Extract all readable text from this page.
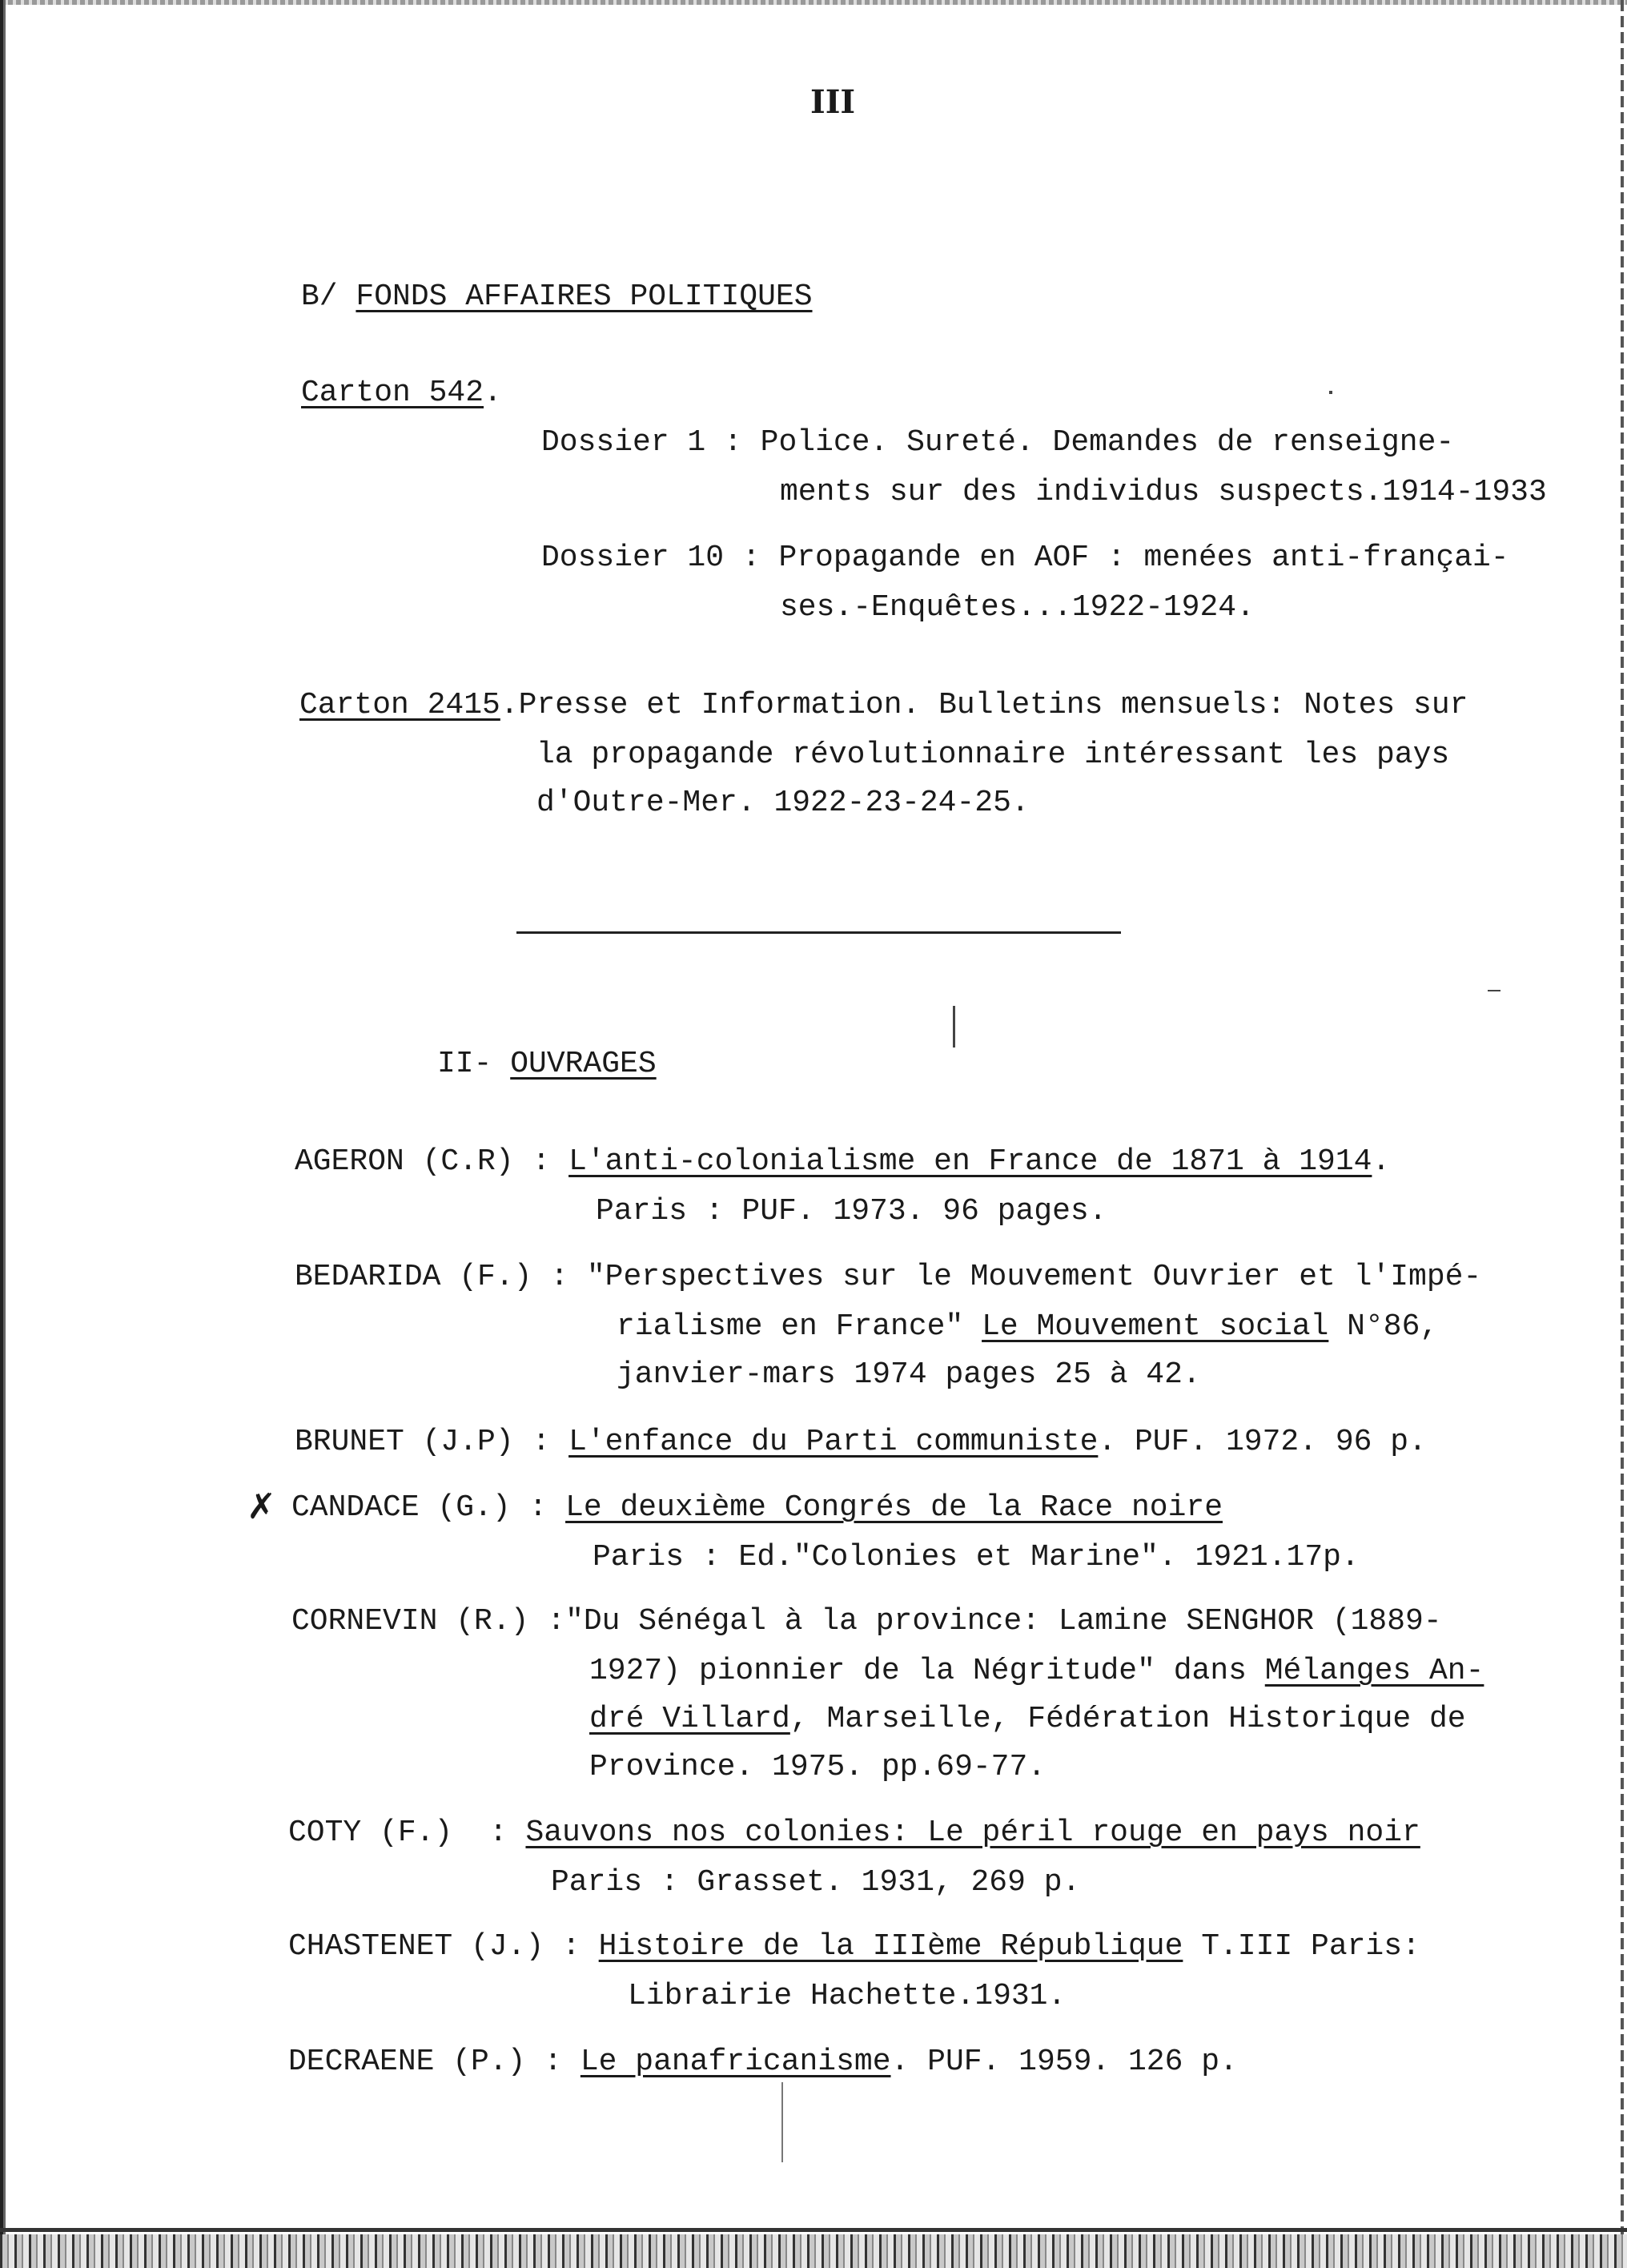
III
B/ FONDS AFFAIRES POLITIQUES
Carton 542.
Dossier 1 : Police. Sureté. Demandes de renseigne-
ments sur des individus suspects.1914-1933
Dossier 10 : Propagande en AOF : menées anti-françai-
ses.-Enquêtes...1922-1924.
Carton 2415.Presse et Information. Bulletins mensuels: Notes sur
la propagande révolutionnaire intéressant les pays
d'Outre-Mer. 1922-23-24-25.
II- OUVRAGES
AGERON (C.R) : L'anti-colonialisme en France de 1871 à 1914.
Paris : PUF. 1973. 96 pages.
BEDARIDA (F.) : "Perspectives sur le Mouvement Ouvrier et l'Impé-
rialisme en France" Le Mouvement social N°86,
janvier-mars 1974 pages 25 à 42.
BRUNET (J.P) : L'enfance du Parti communiste. PUF. 1972. 96 p.
✗ CANDACE (G.) : Le deuxième Congrés de la Race noire
Paris : Ed."Colonies et Marine". 1921.17p.
CORNEVIN (R.) :"Du Sénégal à la province: Lamine SENGHOR (1889-
1927) pionnier de la Négritude" dans Mélanges An-
dré Villard, Marseille, Fédération Historique de
Province. 1975. pp.69-77.
COTY (F.)  : Sauvons nos colonies: Le péril rouge en pays noir
Paris : Grasset. 1931, 269 p.
CHASTENET (J.) : Histoire de la IIIème République T.III Paris:
Librairie Hachette.1931.
DECRAENE (P.) : Le panafricanisme. PUF. 1959. 126 p.
